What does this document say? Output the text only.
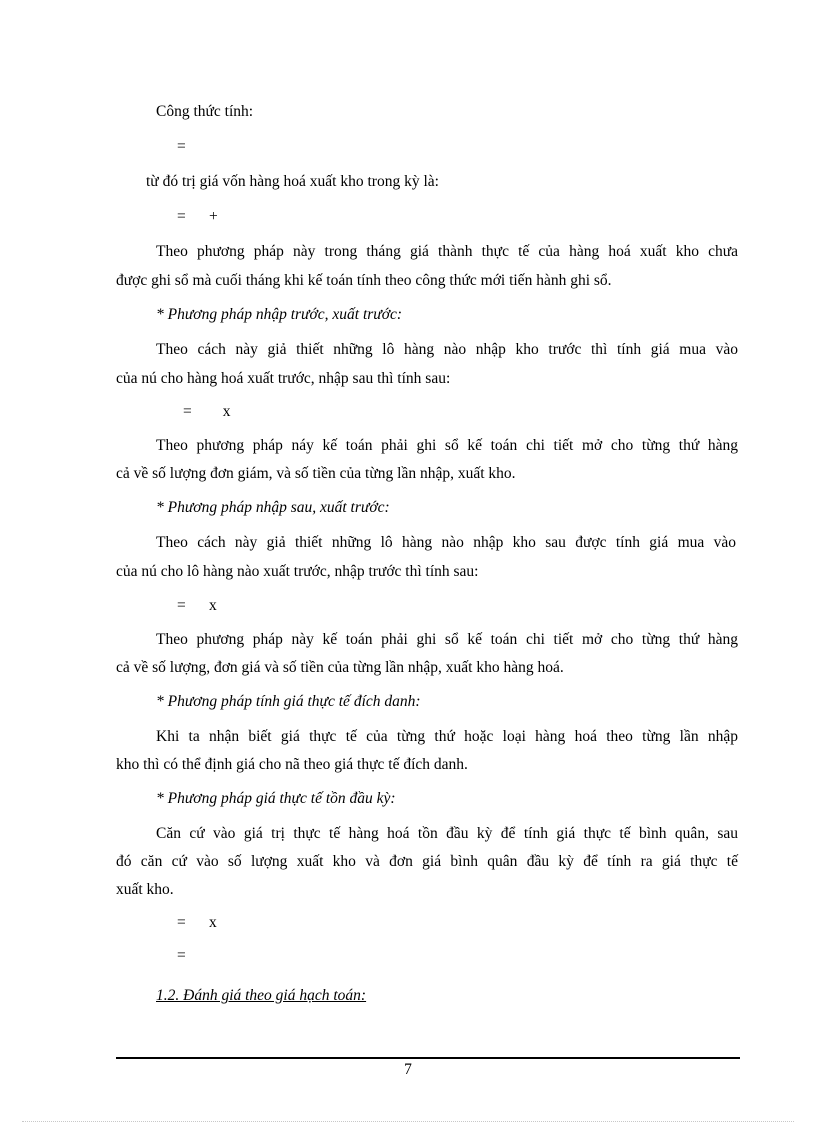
Công thức tính:
=
từ đó trị giá vốn hàng hoá xuất kho trong kỳ là:
=      +
Theo phương pháp này trong tháng giá thành thực tế của hàng hoá xuất kho chưa
được ghi sổ mà cuối tháng khi kế toán tính theo công thức mới tiến hành ghi sổ.
* Phương pháp nhập trước, xuất trước:
Theo cách này giả thiết những lô hàng nào nhập kho trước thì tính giá mua vào
của nú cho hàng hoá xuất trước, nhập sau thì tính sau:
=        x
Theo phương pháp náy kế toán phải ghi sổ kế toán chi tiết mở cho từng thứ hàng
cả về số lượng đơn giám, và số tiền của từng lần nhập, xuất kho.
* Phương pháp nhập sau, xuất trước:
Theo cách này giả thiết những lô hàng nào nhập kho sau được tính giá mua vào
của nú cho lô hàng nào xuất trước, nhập trước thì tính sau:
=      x
Theo phương pháp này kế toán phải ghi sổ kế toán chi tiết mở cho từng thứ hàng
cả về số lượng, đơn giá và số tiền của từng lần nhập, xuất kho hàng hoá.
* Phương pháp tính giá thực tế đích danh:
Khi ta nhận biết giá thực tế của từng thứ hoặc loại hàng hoá theo từng lần nhập
kho thì có thể định giá cho nã theo giá thực tế đích danh.
* Phương pháp giá thực tế tồn đầu kỳ:
Căn cứ vào giá trị thực tế hàng hoá tồn đầu kỳ để tính giá thực tế bình quân, sau
đó căn cứ vào số lượng xuất kho và đơn giá bình quân đầu kỳ để tính ra giá thực tế
xuất kho.
=      x
=
1.2. Đánh giá theo giá hạch toán:
7
